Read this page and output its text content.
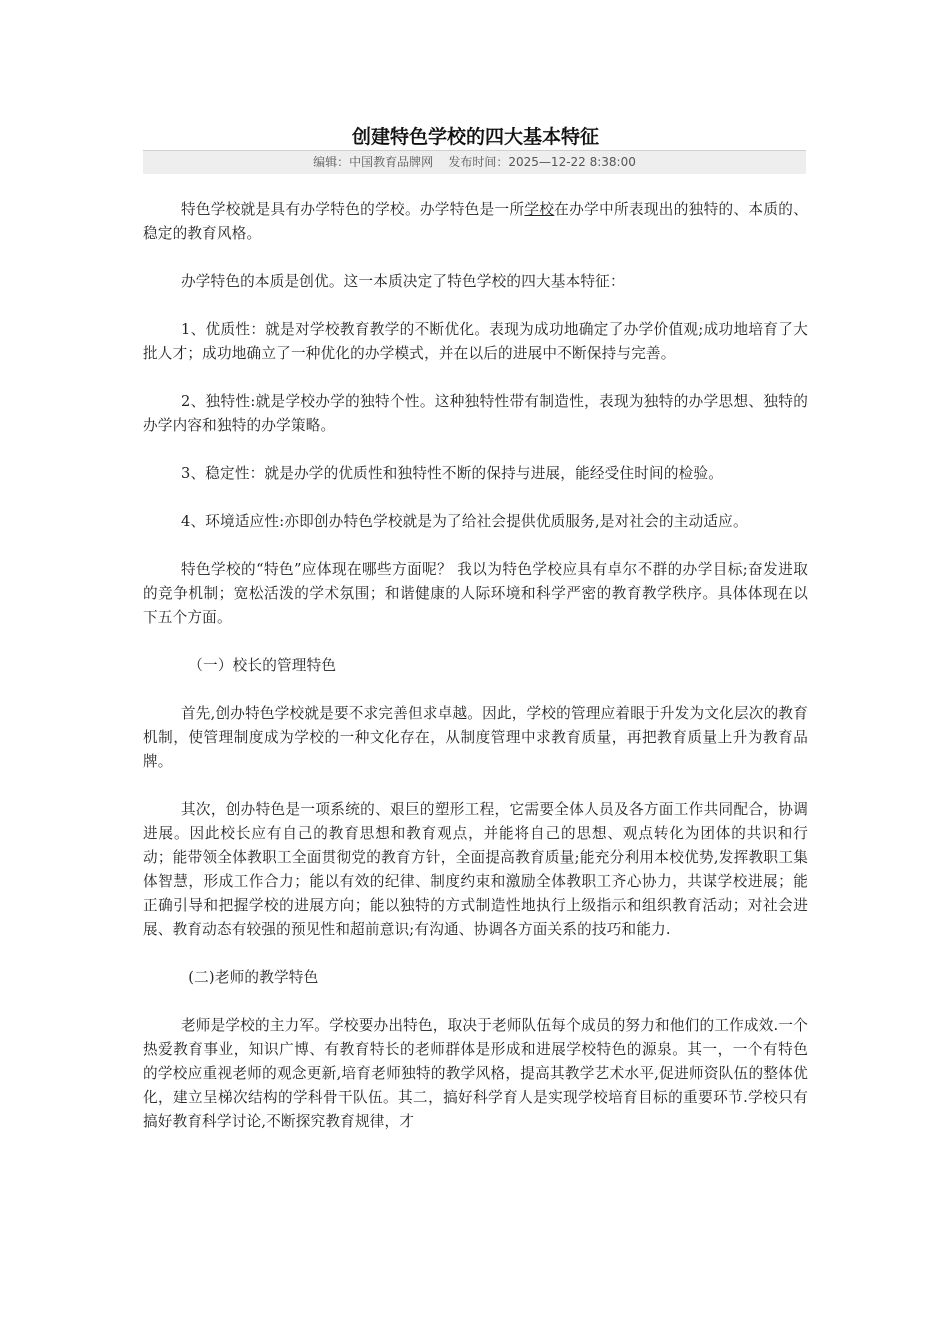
创建特色学校的四大基本特征
编辑：中国教育品牌网 发布时间：2025—12-22 8:38:00

特色学校就是具有办学特色的学校。办学特色是一所学校在办学中所表现出的独特的、本质的、稳定的教育风格。

办学特色的本质是创优。这一本质决定了特色学校的四大基本特征：

1、优质性：就是对学校教育教学的不断优化。表现为成功地确定了办学价值观;成功地培育了大批人才；成功地确立了一种优化的办学模式，并在以后的进展中不断保持与完善。

2、独特性:就是学校办学的独特个性。这种独特性带有制造性，表现为独特的办学思想、独特的办学内容和独特的办学策略。

3、稳定性：就是办学的优质性和独特性不断的保持与进展，能经受住时间的检验。

4、环境适应性:亦即创办特色学校就是为了给社会提供优质服务,是对社会的主动适应。

特色学校的“特色”应体现在哪些方面呢？ 我以为特色学校应具有卓尔不群的办学目标;奋发进取的竞争机制；宽松活泼的学术氛围；和谐健康的人际环境和科学严密的教育教学秩序。具体体现在以下五个方面。

（一）校长的管理特色

首先,创办特色学校就是要不求完善但求卓越。因此，学校的管理应着眼于升发为文化层次的教育机制，使管理制度成为学校的一种文化存在，从制度管理中求教育质量，再把教育质量上升为教育品牌。

其次，创办特色是一项系统的、艰巨的塑形工程，它需要全体人员及各方面工作共同配合，协调进展。因此校长应有自己的教育思想和教育观点，并能将自己的思想、观点转化为团体的共识和行动；能带领全体教职工全面贯彻党的教育方针，全面提高教育质量;能充分利用本校优势,发挥教职工集体智慧，形成工作合力；能以有效的纪律、制度约束和激励全体教职工齐心协力，共谋学校进展；能正确引导和把握学校的进展方向；能以独特的方式制造性地执行上级指示和组织教育活动；对社会进展、教育动态有较强的预见性和超前意识;有沟通、协调各方面关系的技巧和能力.

(二)老师的教学特色

老师是学校的主力军。学校要办出特色，取决于老师队伍每个成员的努力和他们的工作成效.一个热爱教育事业，知识广博、有教育特长的老师群体是形成和进展学校特色的源泉。其一，一个有特色的学校应重视老师的观念更新,培育老师独特的教学风格，提高其教学艺术水平,促进师资队伍的整体优化，建立呈梯次结构的学科骨干队伍。其二，搞好科学育人是实现学校培育目标的重要环节.学校只有搞好教育科学讨论,不断探究教育规律，才
